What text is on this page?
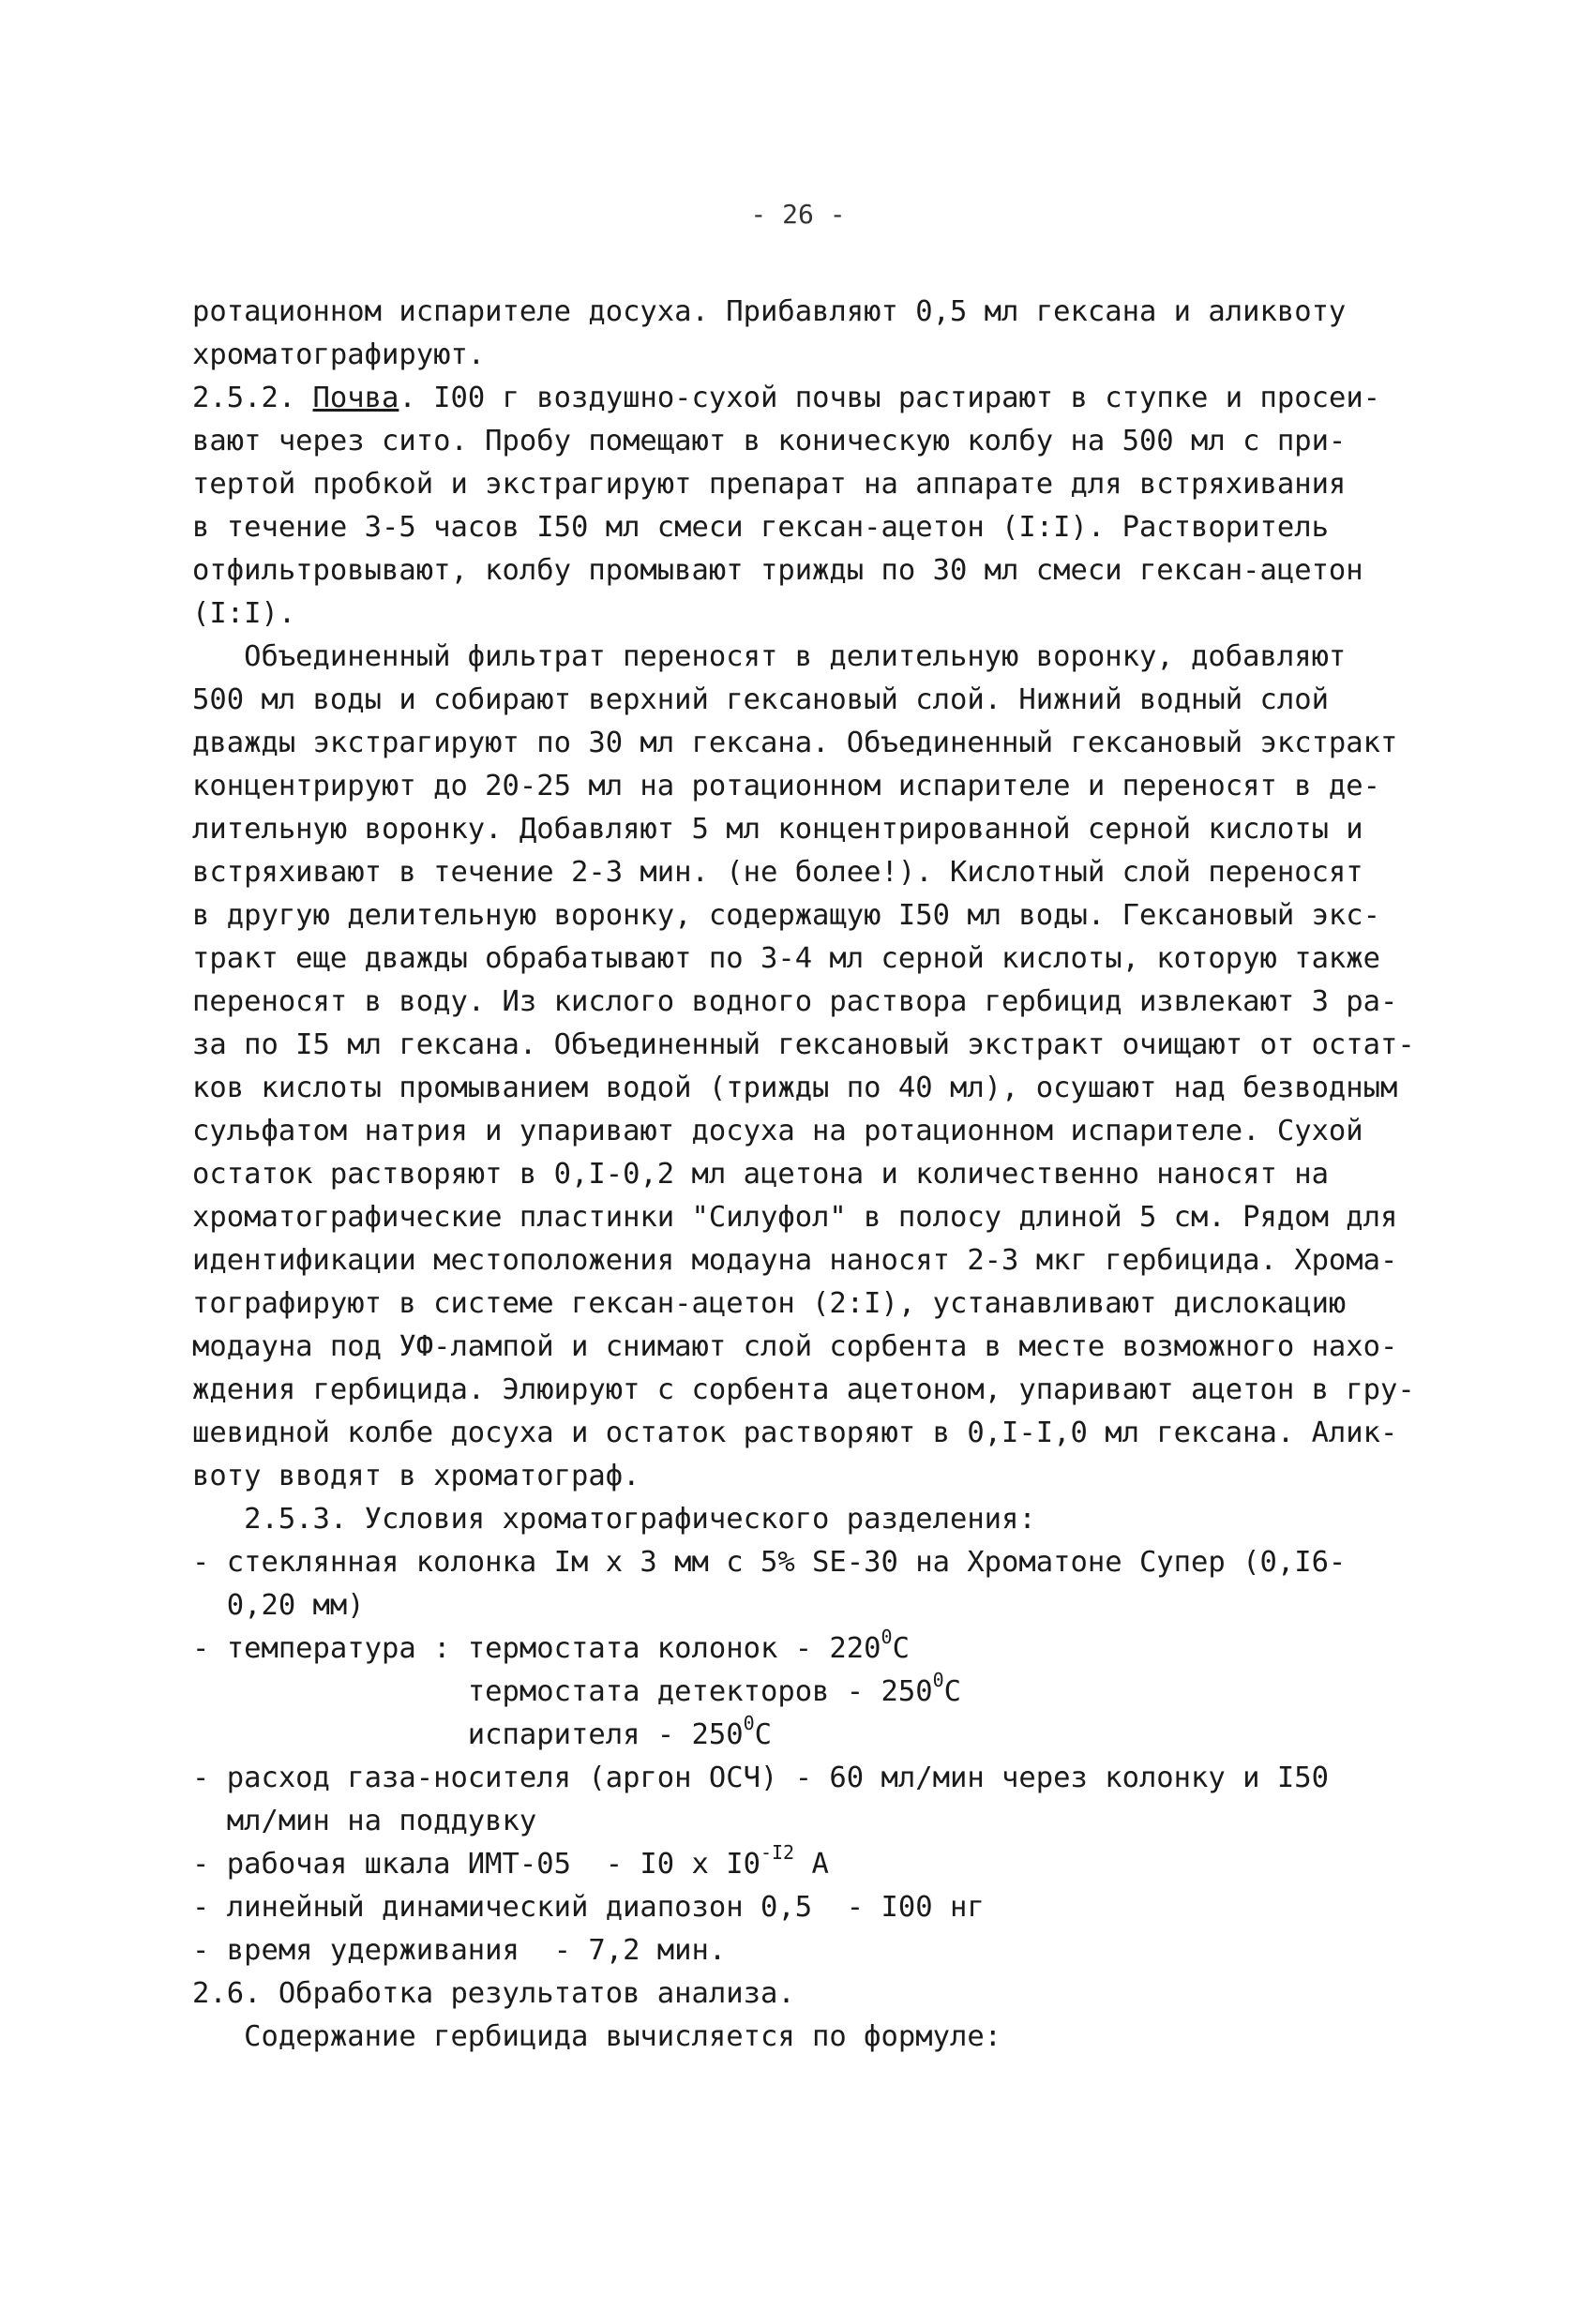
- 26 -
ротационном испарителе досуха. Прибавляют 0,5 мл гексана и аликвоту
хроматографируют.
2.5.2. Почва. I00 г воздушно-сухой почвы растирают в ступке и просеи-
вают через сито. Пробу помещают в коническую колбу на 500 мл с при-
тертой пробкой и экстрагируют препарат на аппарате для встряхивания
в течение 3-5 часов I50 мл смеси гексан-ацетон (I:I). Растворитель
отфильтровывают, колбу промывают трижды по 30 мл смеси гексан-ацетон
(I:I).
Объединенный фильтрат переносят в делительную воронку, добавляют
500 мл воды и собирают верхний гексановый слой. Нижний водный слой
дважды экстрагируют по 30 мл гексана. Объединенный гексановый экстракт
концентрируют до 20-25 мл на ротационном испарителе и переносят в де-
лительную воронку. Добавляют 5 мл концентрированной серной кислоты и
встряхивают в течение 2-3 мин. (не более!). Кислотный слой переносят
в другую делительную воронку, содержащую I50 мл воды. Гексановый экс-
тракт еще дважды обрабатывают по 3-4 мл серной кислоты, которую также
переносят в воду. Из кислого водного раствора гербицид извлекают 3 ра-
за по I5 мл гексана. Объединенный гексановый экстракт очищают от остат-
ков кислоты промыванием водой (трижды по 40 мл), осушают над безводным
сульфатом натрия и упаривают досуха на ротационном испарителе. Сухой
остаток растворяют в 0,I-0,2 мл ацетона и количественно наносят на
хроматографические пластинки "Силуфол" в полосу длиной 5 см. Рядом для
идентификации местоположения модауна наносят 2-3 мкг гербицида. Хрома-
тографируют в системе гексан-ацетон (2:I), устанавливают дислокацию
модауна под УФ-лампой и снимают слой сорбента в месте возможного нахо-
ждения гербицида. Элюируют с сорбента ацетоном, упаривают ацетон в гру-
шевидной колбе досуха и остаток растворяют в 0,I-I,0 мл гексана. Алик-
воту вводят в хроматограф.
2.5.3. Условия хроматографического разделения:
- стеклянная колонка Iм х 3 мм с 5% SE-30 на Хроматоне Супер (0,I6-
0,20 мм)
- температура : термостата колонок - $220^0С$
термостата детекторов - $250^0С$
испарителя - $250^0С$
- расход газа-носителя (аргон ОСЧ) - 60 мл/мин через колонку и I50
мл/мин на поддувку
- рабочая шкала ИМТ-05  - I0 x $I0^{-I2}$ A
- линейный динамический диапозон 0,5  - I00 нг
- время удерживания  - 7,2 мин.
2.6. Обработка результатов анализа.
Содержание гербицида вычисляется по формуле:
